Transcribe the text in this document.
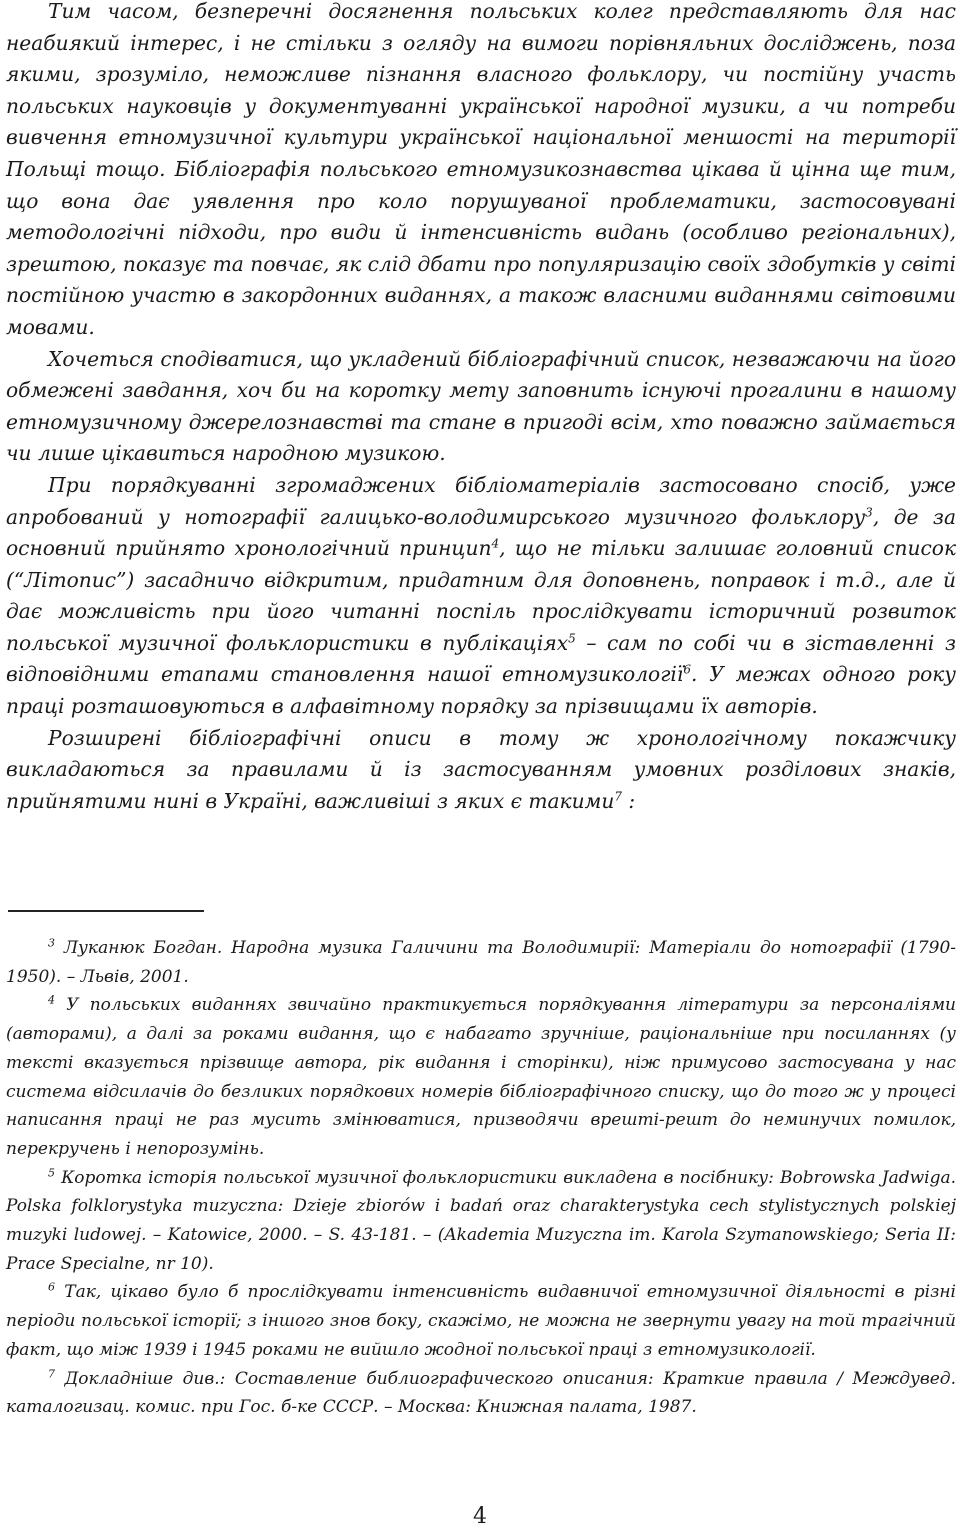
Тим часом, безперечні досягнення польських колег представляють для нас неабиякий інтерес, і не стільки з огляду на вимоги порівняльних досліджень, поза якими, зрозуміло, неможливе пізнання власного фольклору, чи постійну участь польських науковців у документуванні української народної музики, а чи потреби вивчення етномузичної культури української національної меншості на території Польщі тощо. Бібліографія польського етномузикознавства цікава й цінна ще тим, що вона дає уявлення про коло порушуваної проблематики, застосовувані методологічні підходи, про види й інтенсивність видань (особливо регіональних), зрештою, показує та повчає, як слід дбати про популяризацію своїх здобутків у світі постійною участю в закордонних виданнях, а також власними виданнями світовими мовами.

Хочеться сподіватися, що укладений бібліографічний список, незважаючи на його обмежені завдання, хоч би на коротку мету заповнить існуючі прогалини в нашому етномузичному джерелознавстві та стане в пригоді всім, хто поважно займається чи лише цікавиться народною музикою.

При порядкуванні згромаджених бібліоматеріалів застосовано спосіб, уже апробований у нотографії галицько-володимирського музичного фольклору$^3$, де за основний прийнято хронологічний принцип$^4$, що не тільки залишає головний список (“Літопис”) засадничо відкритим, придатним для доповнень, поправок і т.д., але й дає можливість при його читанні поспіль прослідкувати історичний розвиток польської музичної фольклористики в публікаціях$^5$ – сам по собі чи в зіставленні з відповідними етапами становлення нашої етномузикології$^6$. У межах одного року праці розташовуються в алфавітному порядку за прізвищами їх авторів.

Розширені бібліографічні описи в тому ж хронологічному покажчику викладаються за правилами й із застосуванням умовних розділових знаків, прийнятими нині в Україні, важливіші з яких є такими$^7$ :

$^3$ Луканюк Богдан. Народна музика Галичини та Володимирії: Матеріали до нотографії (1790-1950). – Львів, 2001.

$^4$ У польських виданнях звичайно практикується порядкування літератури за персоналіями (авторами), а далі за роками видання, що є набагато зручніше, раціональніше при посиланнях (у тексті вказується прізвище автора, рік видання і сторінки), ніж примусово застосувана у нас система відсилачів до безликих порядкових номерів бібліографічного списку, що до того ж у процесі написання праці не раз мусить змінюватися, призводячи врешті-решт до неминучих помилок, перекручень і непорозумінь.

$^5$ Коротка історія польської музичної фольклористики викладена в посібнику: Bobrowska Jadwiga. Polska folklorystyka muzyczna: Dzieje zbiorów i badań oraz charakterystyka cech stylistycznych polskiej muzyki ludowej. – Katowice, 2000. – S. 43-181. – (Akademia Muzyczna im. Karola Szymanowskiego; Seria II: Prace Specialne, nr 10).

$^6$ Так, цікаво було б прослідкувати інтенсивність видавничої етномузичної діяльності в різні періоди польської історії; з іншого знов боку, скажімо, не можна не звернути увагу на той трагічний факт, що між 1939 і 1945 роками не вийшло жодної польської праці з етномузикології.

$^7$ Докладніше див.: Составление библиографического описания: Краткие правила / Междувед. каталогизац. комис. при Гос. б-ке СССР. – Москва: Книжная палата, 1987.

4
